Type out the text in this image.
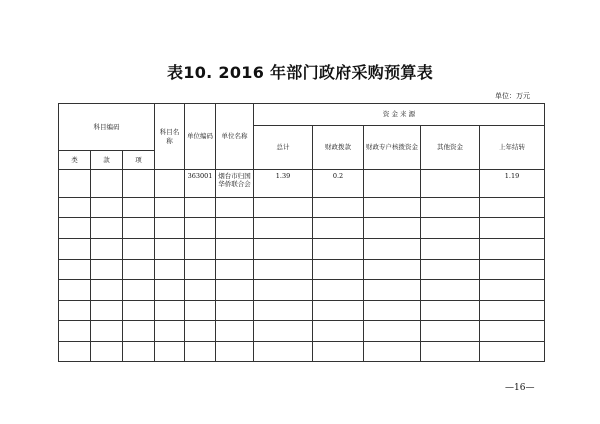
表10. 2016 年部门政府采购预算表
单位：万元
科目编码			科目名称	单位编码	单位名称	资 金 来 源				
						总计	财政拨款	财政专户核拨资金	其他资金	上年结转
类	款	项								

				363001	烟台市归国华侨联合会	1.39	0.2			1.19

—16—
